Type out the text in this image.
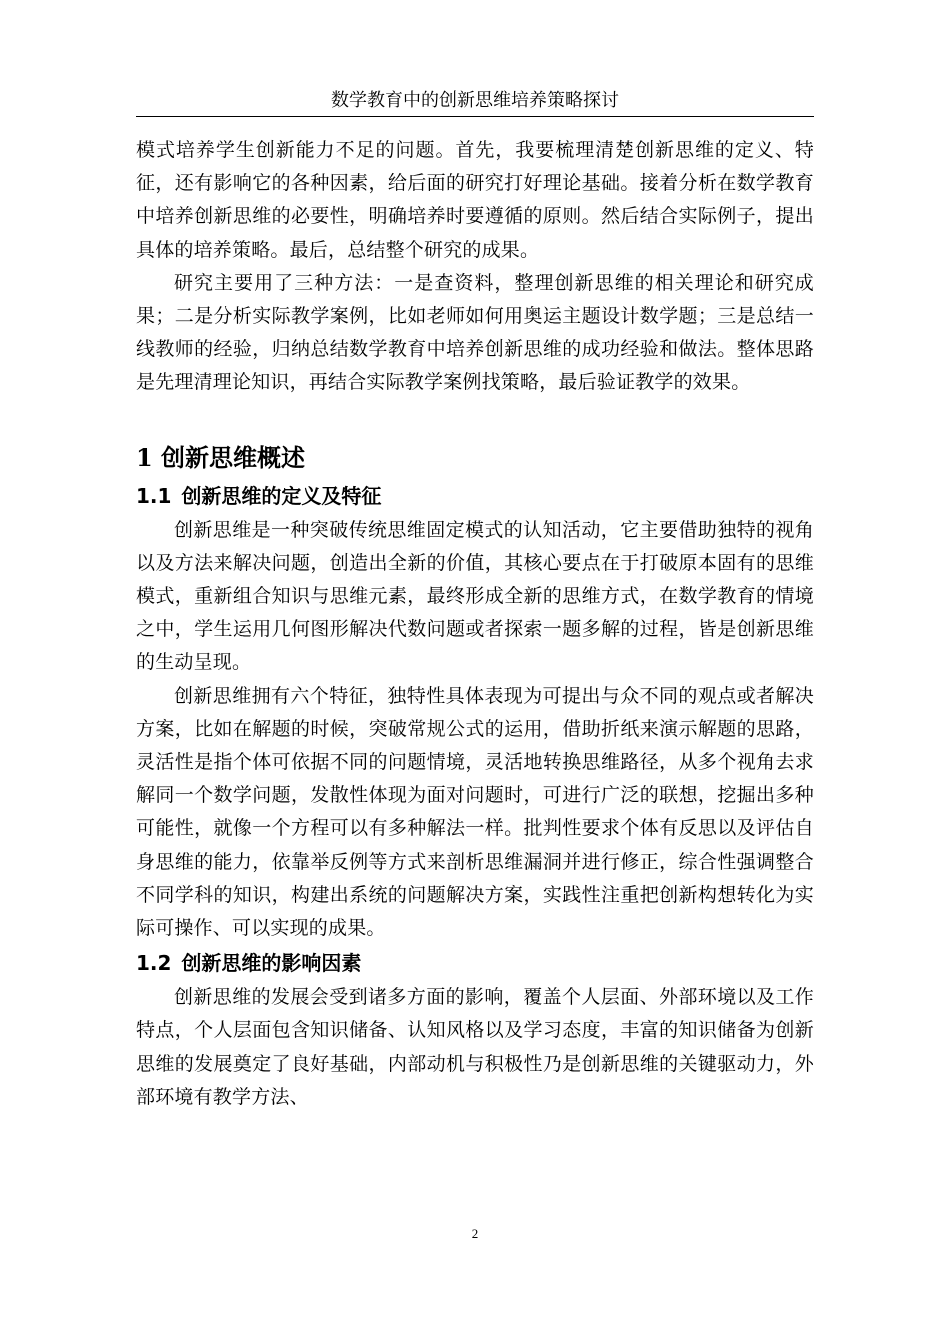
数学教育中的创新思维培养策略探讨

模式培养学生创新能力不足的问题。首先，我要梳理清楚创新思维的定义、特征，还有影响它的各种因素，给后面的研究打好理论基础。接着分析在数学教育中培养创新思维的必要性，明确培养时要遵循的原则。然后结合实际例子，提出具体的培养策略。最后，总结整个研究的成果。

研究主要用了三种方法：一是查资料，整理创新思维的相关理论和研究成果；二是分析实际教学案例，比如老师如何用奥运主题设计数学题；三是总结一线教师的经验，归纳总结数学教育中培养创新思维的成功经验和做法。整体思路是先理清理论知识，再结合实际教学案例找策略，最后验证教学的效果。

1 创新思维概述
1.1 创新思维的定义及特征

创新思维是一种突破传统思维固定模式的认知活动，它主要借助独特的视角以及方法来解决问题，创造出全新的价值，其核心要点在于打破原本固有的思维模式，重新组合知识与思维元素，最终形成全新的思维方式，在数学教育的情境之中，学生运用几何图形解决代数问题或者探索一题多解的过程，皆是创新思维的生动呈现。

创新思维拥有六个特征，独特性具体表现为可提出与众不同的观点或者解决方案，比如在解题的时候，突破常规公式的运用，借助折纸来演示解题的思路，灵活性是指个体可依据不同的问题情境，灵活地转换思维路径，从多个视角去求解同一个数学问题，发散性体现为面对问题时，可进行广泛的联想，挖掘出多种可能性，就像一个方程可以有多种解法一样。批判性要求个体有反思以及评估自身思维的能力，依靠举反例等方式来剖析思维漏洞并进行修正，综合性强调整合不同学科的知识，构建出系统的问题解决方案，实践性注重把创新构想转化为实际可操作、可以实现的成果。

1.2 创新思维的影响因素

创新思维的发展会受到诸多方面的影响，覆盖个人层面、外部环境以及工作特点，个人层面包含知识储备、认知风格以及学习态度，丰富的知识储备为创新思维的发展奠定了良好基础，内部动机与积极性乃是创新思维的关键驱动力，外部环境有教学方法、

2
